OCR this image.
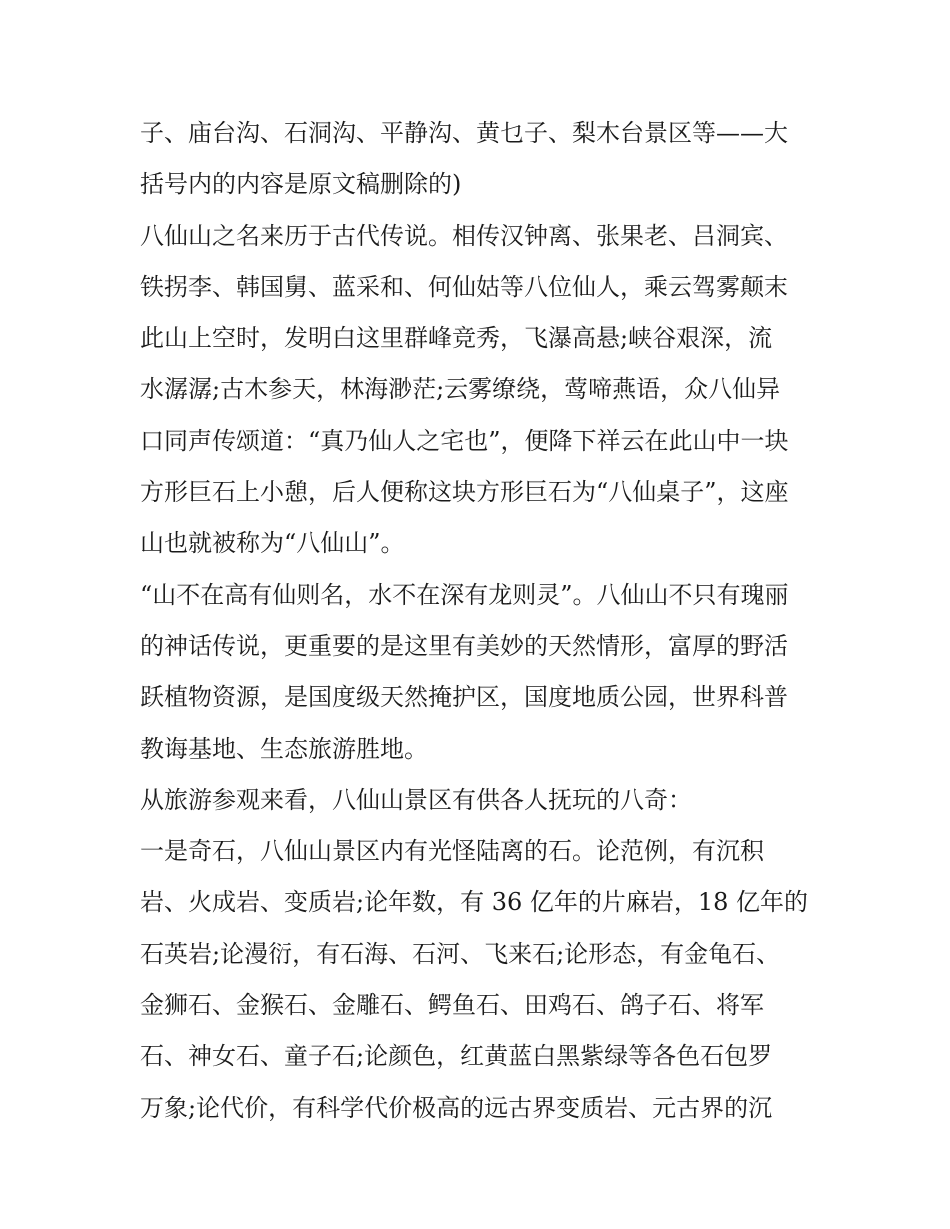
子、庙台沟、石洞沟、平静沟、黄乜子、梨木台景区等——大
括号内的内容是原文稿删除的)
八仙山之名来历于古代传说。相传汉钟离、张果老、吕洞宾、
铁拐李、韩国舅、蓝采和、何仙姑等八位仙人，乘云驾雾颠末
此山上空时，发明白这里群峰竞秀，飞瀑高悬;峡谷艰深，流
水潺潺;古木参天，林海渺茫;云雾缭绕，莺啼燕语，众八仙异
口同声传颂道：“真乃仙人之宅也”，便降下祥云在此山中一块
方形巨石上小憩，后人便称这块方形巨石为“八仙桌子”，这座
山也就被称为“八仙山”。
“山不在高有仙则名，水不在深有龙则灵”。八仙山不只有瑰丽
的神话传说，更重要的是这里有美妙的天然情形，富厚的野活
跃植物资源，是国度级天然掩护区，国度地质公园，世界科普
教诲基地、生态旅游胜地。
从旅游参观来看，八仙山景区有供各人抚玩的八奇：
一是奇石，八仙山景区内有光怪陆离的石。论范例，有沉积
岩、火成岩、变质岩;论年数，有 36 亿年的片麻岩，18 亿年的
石英岩;论漫衍，有石海、石河、飞来石;论形态，有金龟石、
金狮石、金猴石、金雕石、鳄鱼石、田鸡石、鸽子石、将军
石、神女石、童子石;论颜色，红黄蓝白黑紫绿等各色石包罗
万象;论代价，有科学代价极高的远古界变质岩、元古界的沉
